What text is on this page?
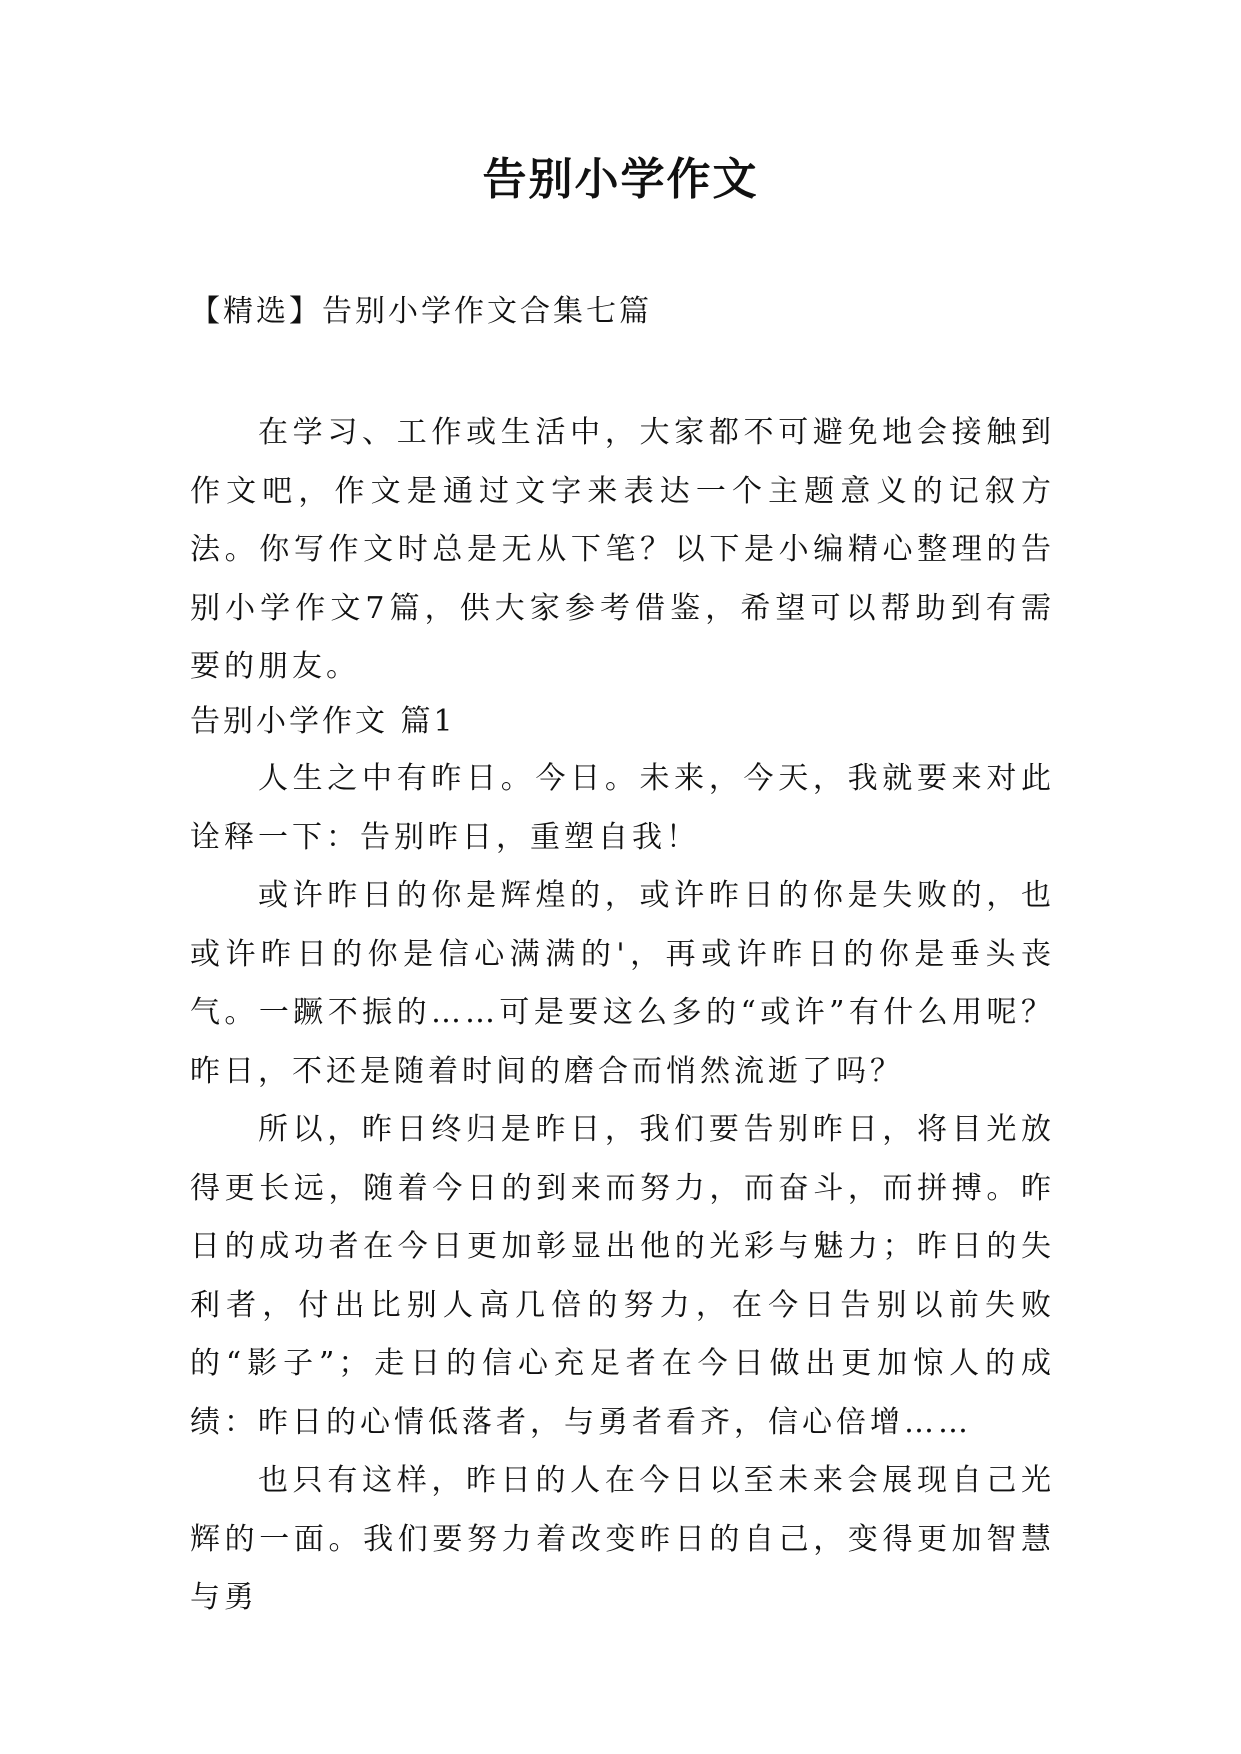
告别小学作文
【精选】告别小学作文合集七篇
在学习、工作或生活中，大家都不可避免地会接触到作文吧，作文是通过文字来表达一个主题意义的记叙方法。你写作文时总是无从下笔？以下是小编精心整理的告别小学作文7篇，供大家参考借鉴，希望可以帮助到有需要的朋友。
告别小学作文 篇1

人生之中有昨日。今日。未来，今天，我就要来对此诠释一下：告别昨日，重塑自我！

或许昨日的你是辉煌的，或许昨日的你是失败的，也或许昨日的你是信心满满的'，再或许昨日的你是垂头丧气。一蹶不振的……可是要这么多的“或许”有什么用呢？昨日，不还是随着时间的磨合而悄然流逝了吗？

所以，昨日终归是昨日，我们要告别昨日，将目光放得更长远，随着今日的到来而努力，而奋斗，而拼搏。昨日的成功者在今日更加彰显出他的光彩与魅力；昨日的失利者，付出比别人高几倍的努力，在今日告别以前失败的“影子”；走日的信心充足者在今日做出更加惊人的成绩：昨日的心情低落者，与勇者看齐，信心倍增……

也只有这样，昨日的人在今日以至未来会展现自己光辉的一面。我们要努力着改变昨日的自己，变得更加智慧与勇
